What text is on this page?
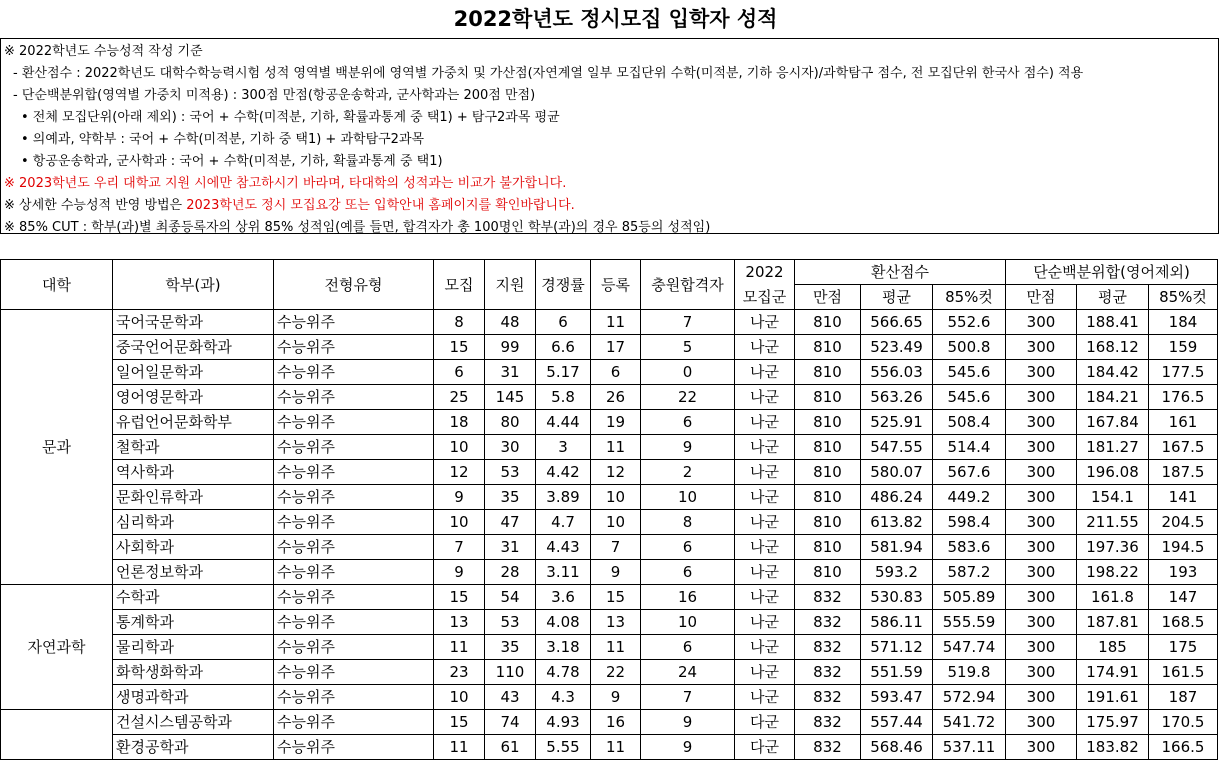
2022학년도 정시모집 입학자 성적
※ 2022학년도 수능성적 작성 기준
- 환산점수 : 2022학년도 대학수학능력시험 성적 영역별 백분위에 영역별 가중치 및 가산점(자연계열 일부 모집단위 수학(미적분, 기하 응시자)/과학탐구 점수, 전 모집단위 한국사 점수) 적용
- 단순백분위합(영역별 가중치 미적용) : 300점 만점(항공운송학과, 군사학과는 200점 만점)
• 전체 모집단위(아래 제외) : 국어 + 수학(미적분, 기하, 확률과통계 중 택1) + 탐구2과목 평균
• 의예과, 약학부 : 국어 + 수학(미적분, 기하 중 택1) + 과학탐구2과목
• 항공운송학과, 군사학과 : 국어 + 수학(미적분, 기하, 확률과통계 중 택1)
※ 2023학년도 우리 대학교 지원 시에만 참고하시기 바라며, 타대학의 성적과는 비교가 불가합니다.
※ 상세한 수능성적 반영 방법은 2023학년도 정시 모집요강 또는 입학안내 홈페이지를 확인바랍니다.
※ 85% CUT : 학부(과)별 최종등록자의 상위 85% 성적임(예를 들면, 합격자가 총 100명인 학부(과)의 경우 85등의 성적임)
대학	학부(과)	전형유형	모집	지원	경쟁률	등록	충원합격자	2022	환산점수			단순백분위합(영어제외)		
								모집군	만점	평균	85%컷	만점	평균	85%컷
문과	국어국문학과	수능위주	8	48	6	11	7	나군	810	566.65	552.6	300	188.41	184
	중국언어문화학과	수능위주	15	99	6.6	17	5	나군	810	523.49	500.8	300	168.12	159
	일어일문학과	수능위주	6	31	5.17	6	0	나군	810	556.03	545.6	300	184.42	177.5
	영어영문학과	수능위주	25	145	5.8	26	22	나군	810	563.26	545.6	300	184.21	176.5
	유럽언어문화학부	수능위주	18	80	4.44	19	6	나군	810	525.91	508.4	300	167.84	161
	철학과	수능위주	10	30	3	11	9	나군	810	547.55	514.4	300	181.27	167.5
	역사학과	수능위주	12	53	4.42	12	2	나군	810	580.07	567.6	300	196.08	187.5
	문화인류학과	수능위주	9	35	3.89	10	10	나군	810	486.24	449.2	300	154.1	141
	심리학과	수능위주	10	47	4.7	10	8	나군	810	613.82	598.4	300	211.55	204.5
	사회학과	수능위주	7	31	4.43	7	6	나군	810	581.94	583.6	300	197.36	194.5
	언론정보학과	수능위주	9	28	3.11	9	6	나군	810	593.2	587.2	300	198.22	193
자연과학	수학과	수능위주	15	54	3.6	15	16	나군	832	530.83	505.89	300	161.8	147
	통계학과	수능위주	13	53	4.08	13	10	나군	832	586.11	555.59	300	187.81	168.5
	물리학과	수능위주	11	35	3.18	11	6	나군	832	571.12	547.74	300	185	175
	화학생화학과	수능위주	23	110	4.78	22	24	나군	832	551.59	519.8	300	174.91	161.5
	생명과학과	수능위주	10	43	4.3	9	7	나군	832	593.47	572.94	300	191.61	187
	건설시스템공학과	수능위주	15	74	4.93	16	9	다군	832	557.44	541.72	300	175.97	170.5
	환경공학과	수능위주	11	61	5.55	11	9	다군	832	568.46	537.11	300	183.82	166.5
